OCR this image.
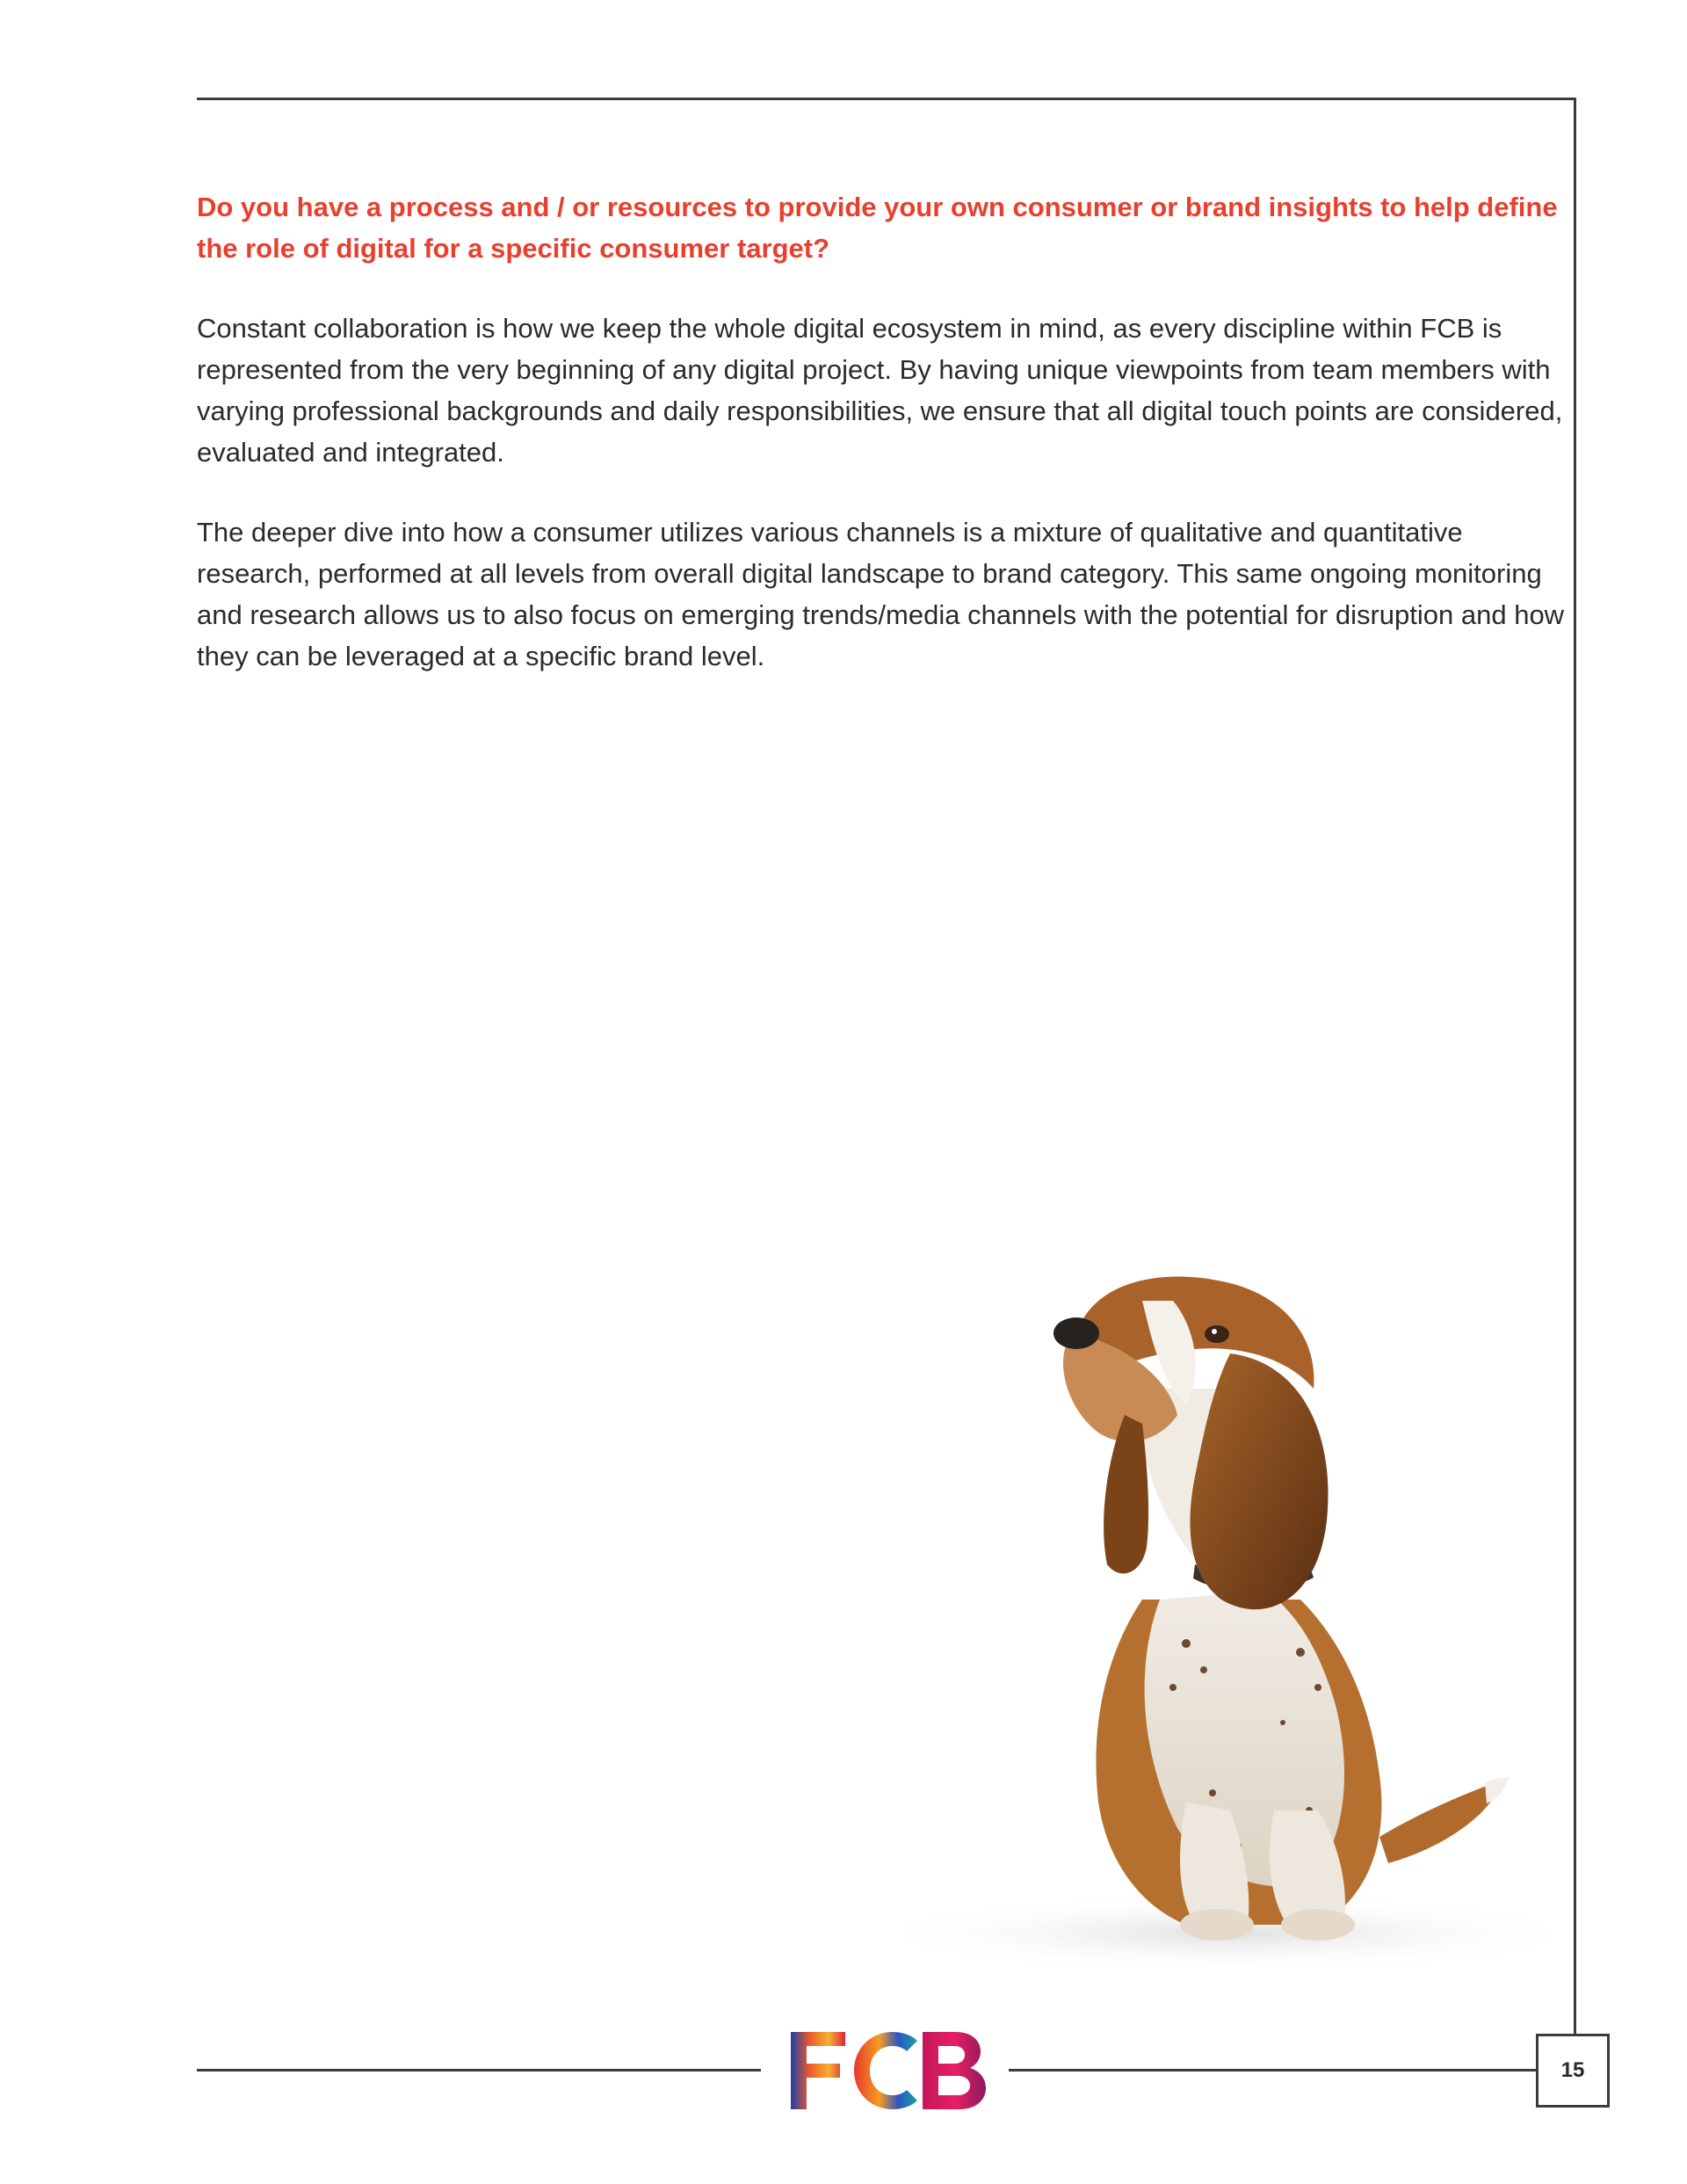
Do you have a process and / or resources to provide your own consumer or brand insights to help define the role of digital for a specific consumer target?

Constant collaboration is how we keep the whole digital ecosystem in mind, as every discipline within FCB is represented from the very beginning of any digital project. By having unique viewpoints from team members with varying professional backgrounds and daily responsibilities, we ensure that all digital touch points are considered, evaluated and integrated.

The deeper dive into how a consumer utilizes various channels is a mixture of qualitative and quantitative research, performed at all levels from overall digital landscape to brand category. This same ongoing monitoring and research allows us to also focus on emerging trends/media channels with the potential for disruption and how they can be leveraged at a specific brand level.

FCB
15
